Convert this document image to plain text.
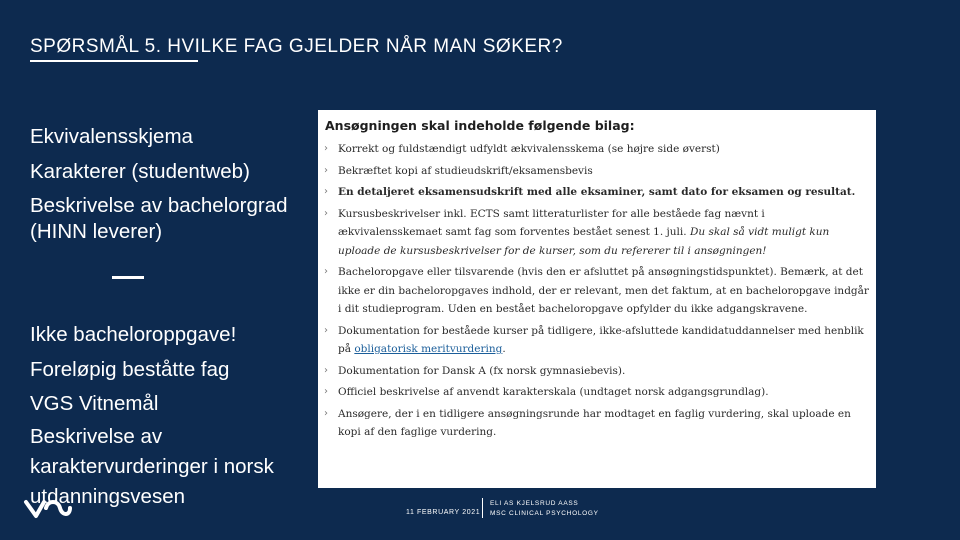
SPØRSMÅL 5. HVILKE FAG GJELDER NÅR MAN SØKER?
Ekvivalensskjema
Karakterer (studentweb)
Beskrivelse av bachelorgrad (HINN leverer)
Ikke bacheloroppgave!
Foreløpig beståtte fag
VGS Vitnemål
Beskrivelse av karaktervurderinger i norsk utdanningsvesen
Ansøgningen skal indeholde følgende bilag:
› Korrekt og fuldstændigt udfyldt ækvivalensskema (se højre side øverst)
› Bekræftet kopi af studieudskrift/eksamensbevis
› En detaljeret eksamensudskrift med alle eksaminer, samt dato for eksamen og resultat.
› Kursusbeskrivelser inkl. ECTS samt litteraturlister for alle beståede fag nævnt i ækvivalensskemaet samt fag som forventes bestået senest 1. juli. Du skal så vidt muligt kun uploade de kursusbeskrivelser for de kurser, som du refererer til i ansøgningen!
› Bacheloropgave eller tilsvarende (hvis den er afsluttet på ansøgningstidspunktet). Bemærk, at det ikke er din bacheloropgaves indhold, der er relevant, men det faktum, at en bacheloropgave indgår i dit studieprogram. Uden en bestået bacheloropgave opfylder du ikke adgangskravene.
› Dokumentation for beståede kurser på tidligere, ikke-afsluttede kandidatuddannelser med henblik på obligatorisk meritvurdering.
› Dokumentation for Dansk A (fx norsk gymnasiebevis).
› Officiel beskrivelse af anvendt karakterskala (undtaget norsk adgangsgrundlag).
› Ansøgere, der i en tidligere ansøgningsrunde har modtaget en faglig vurdering, skal uploade en kopi af den faglige vurdering.
11 FEBRUARY 2021
ELI AS KJELSRUD AASS
MSC CLINICAL PSYCHOLOGY
